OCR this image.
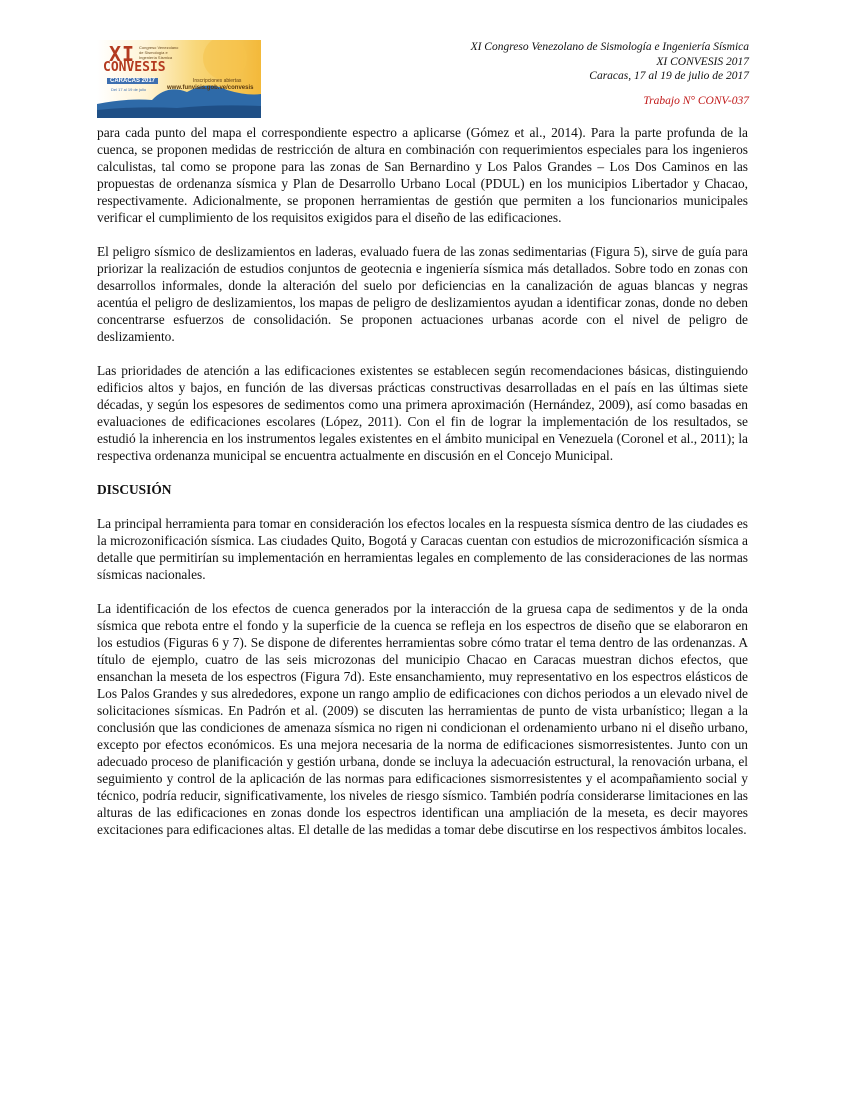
XI
CONVESIS
Congreso Venezolano de Sismología e Ingeniería Sísmica
CARACAS 2017
Del 17 al 19 de julio
Inscripciones abiertas
www.funvisis.gob.ve/convesis
XI Congreso Venezolano de Sismología e Ingeniería Sísmica
XI CONVESIS 2017
Caracas, 17 al 19 de julio de 2017
Trabajo N° CONV-037

para cada punto del mapa el correspondiente espectro a aplicarse (Gómez et al., 2014). Para la parte profunda de la cuenca, se proponen medidas de restricción de altura en combinación con requerimientos especiales para los ingenieros calculistas, tal como se propone para las zonas de San Bernardino y Los Palos Grandes – Los Dos Caminos en las propuestas de ordenanza sísmica y Plan de Desarrollo Urbano Local (PDUL) en los municipios Libertador y Chacao, respectivamente. Adicionalmente, se proponen herramientas de gestión que permiten a los funcionarios municipales verificar el cumplimiento de los requisitos exigidos para el diseño de las edificaciones.

El peligro sísmico de deslizamientos en laderas, evaluado fuera de las zonas sedimentarias (Figura 5), sirve de guía para priorizar la realización de estudios conjuntos de geotecnia e ingeniería sísmica más detallados. Sobre todo en zonas con desarrollos informales, donde la alteración del suelo por deficiencias en la canalización de aguas blancas y negras acentúa el peligro de deslizamientos, los mapas de peligro de deslizamientos ayudan a identificar zonas, donde no deben concentrarse esfuerzos de consolidación. Se proponen actuaciones urbanas acorde con el nivel de peligro de deslizamiento.

Las prioridades de atención a las edificaciones existentes se establecen según recomendaciones básicas, distinguiendo edificios altos y bajos, en función de las diversas prácticas constructivas desarrolladas en el país en las últimas siete décadas, y según los espesores de sedimentos como una primera aproximación (Hernández, 2009), así como basadas en evaluaciones de edificaciones escolares (López, 2011). Con el fin de lograr la implementación de los resultados, se estudió la inherencia en los instrumentos legales existentes en el ámbito municipal en Venezuela (Coronel et al., 2011); la respectiva ordenanza municipal se encuentra actualmente en discusión en el Concejo Municipal.

DISCUSIÓN

La principal herramienta para tomar en consideración los efectos locales en la respuesta sísmica dentro de las ciudades es la microzonificación sísmica. Las ciudades Quito, Bogotá y Caracas cuentan con estudios de microzonificación sísmica a detalle que permitirían su implementación en herramientas legales en complemento de las consideraciones de las normas sísmicas nacionales.

La identificación de los efectos de cuenca generados por la interacción de la gruesa capa de sedimentos y de la onda sísmica que rebota entre el fondo y la superficie de la cuenca se refleja en los espectros de diseño que se elaboraron en los estudios (Figuras 6 y 7). Se dispone de diferentes herramientas sobre cómo tratar el tema dentro de las ordenanzas. A título de ejemplo, cuatro de las seis microzonas del municipio Chacao en Caracas muestran dichos efectos, que ensanchan la meseta de los espectros (Figura 7d). Este ensanchamiento, muy representativo en los espectros elásticos de Los Palos Grandes y sus alrededores, expone un rango amplio de edificaciones con dichos periodos a un elevado nivel de solicitaciones sísmicas. En Padrón et al. (2009) se discuten las herramientas de punto de vista urbanístico; llegan a la conclusión que las condiciones de amenaza sísmica no rigen ni condicionan el ordenamiento urbano ni el diseño urbano, excepto por efectos económicos. Es una mejora necesaria de la norma de edificaciones sismorresistentes. Junto con un adecuado proceso de planificación y gestión urbana, donde se incluya la adecuación estructural, la renovación urbana, el seguimiento y control de la aplicación de las normas para edificaciones sismorresistentes y el acompañamiento social y técnico, podría reducir, significativamente, los niveles de riesgo sísmico. También podría considerarse limitaciones en las alturas de las edificaciones en zonas donde los espectros identifican una ampliación de la meseta, es decir mayores excitaciones para edificaciones altas. El detalle de las medidas a tomar debe discutirse en los respectivos ámbitos locales.
